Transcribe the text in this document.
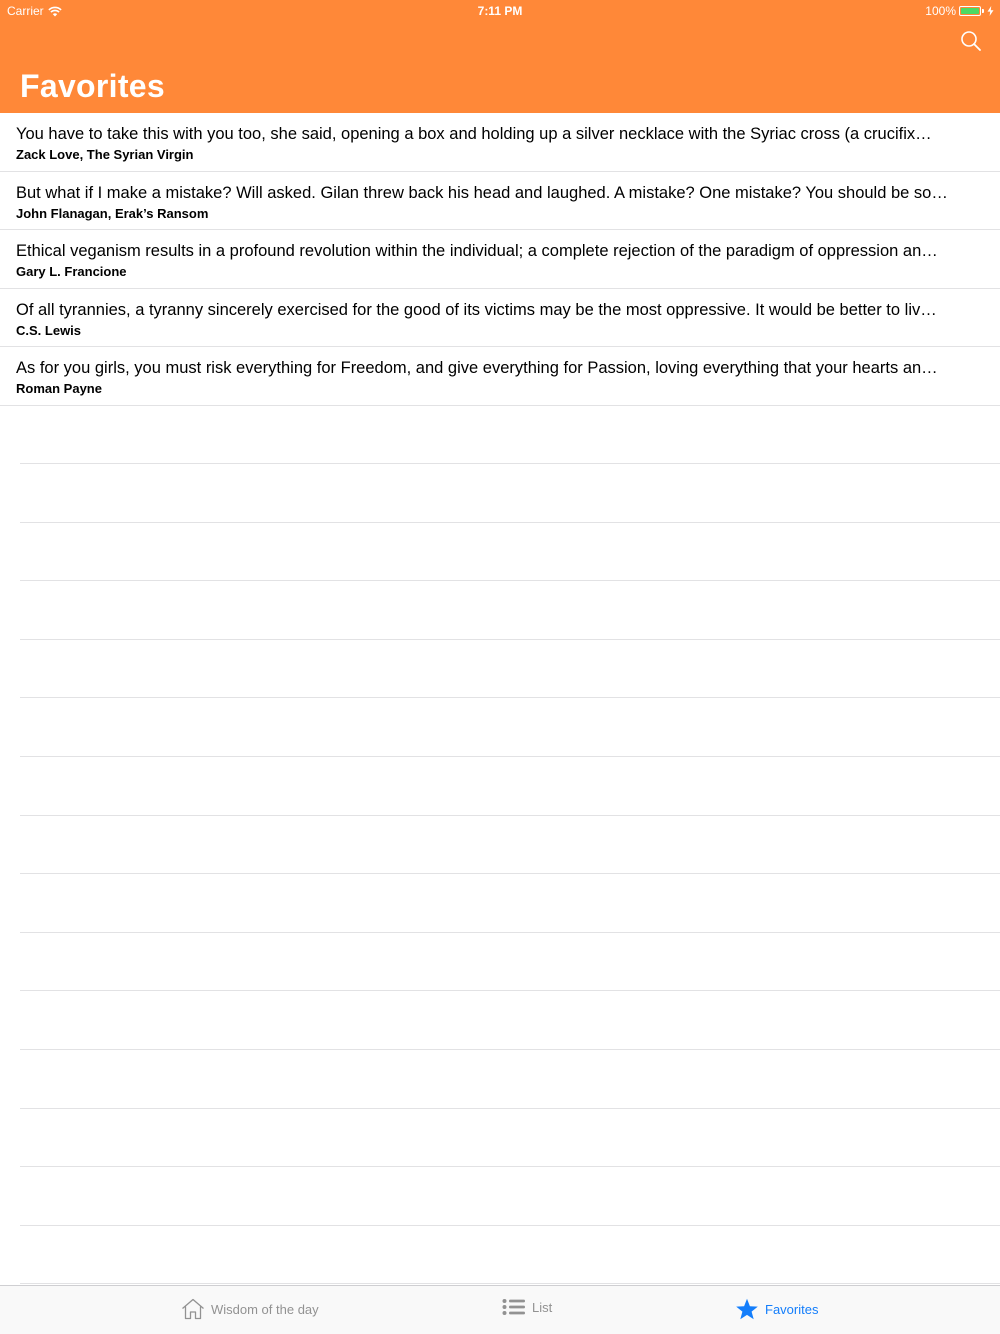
Carrier	7:11 PM	100%
Favorites
You have to take this with you too, she said, opening a box and holding up a silver necklace with the Syriac cross (a crucifix…
Zack Love, The Syrian Virgin
But what if I make a mistake? Will asked. Gilan threw back his head and laughed. A mistake? One mistake? You should be so…
John Flanagan, Erak’s Ransom
Ethical veganism results in a profound revolution within the individual; a complete rejection of the paradigm of oppression an…
Gary L. Francione
Of all tyrannies, a tyranny sincerely exercised for the good of its victims may be the most oppressive. It would be better to liv…
C.S. Lewis
As for you girls, you must risk everything for Freedom, and give everything for Passion, loving everything that your hearts an…
Roman Payne
Wisdom of the day	List	Favorites
